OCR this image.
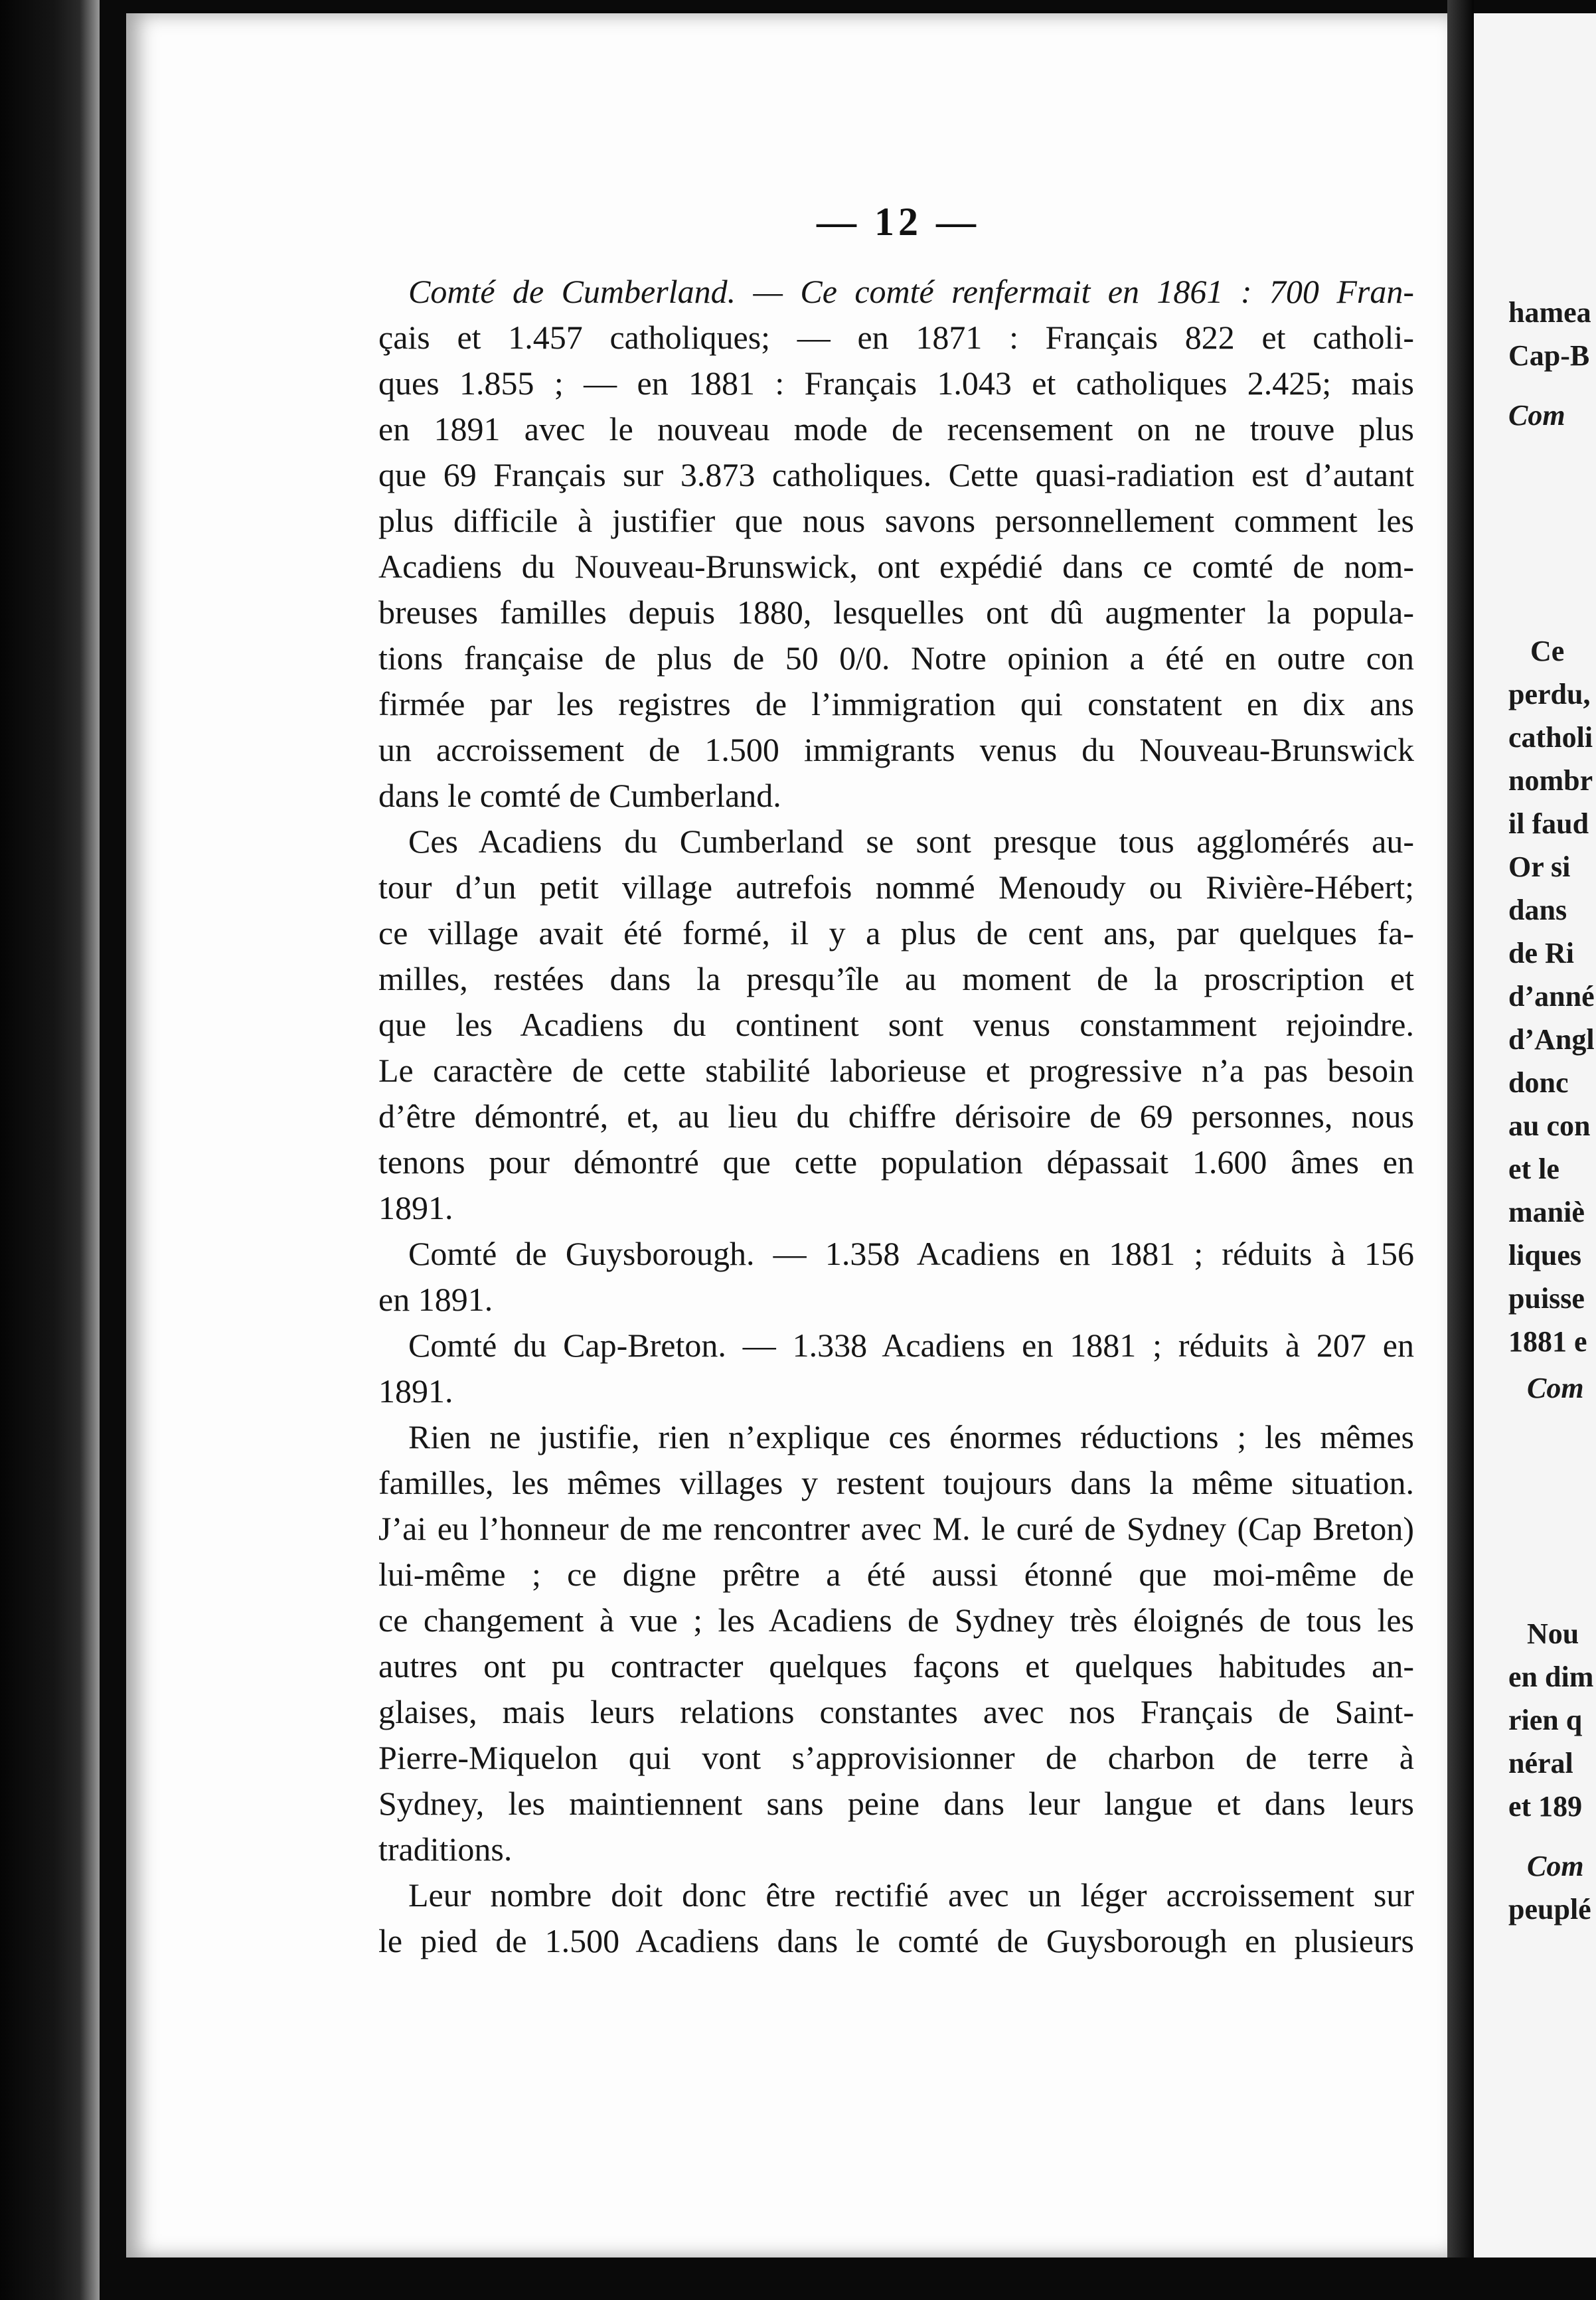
— 12 —

Comté de Cumberland. — Ce comté renfermait en 1861 : 700 Fran-
çais et 1.457 catholiques; — en 1871 : Français 822 et catholi-
ques 1.855 ; — en 1881 : Français 1.043 et catholiques 2.425; mais
en 1891 avec le nouveau mode de recensement on ne trouve plus
que 69 Français sur 3.873 catholiques. Cette quasi-radiation est d’autant
plus difficile à justifier que nous savons personnellement comment les
Acadiens du Nouveau-Brunswick, ont expédié dans ce comté de nom-
breuses familles depuis 1880, lesquelles ont dû augmenter la popula-
tions française de plus de 50 0/0. Notre opinion a été en outre con
firmée par les registres de l’immigration qui constatent en dix ans
un accroissement de 1.500 immigrants venus du Nouveau-Brunswick
dans le comté de Cumberland.

Ces Acadiens du Cumberland se sont presque tous agglomérés au-
tour d’un petit village autrefois nommé Menoudy ou Rivière-Hébert;
ce village avait été formé, il y a plus de cent ans, par quelques fa-
milles, restées dans la presqu’île au moment de la proscription et
que les Acadiens du continent sont venus constamment rejoindre.
Le caractère de cette stabilité laborieuse et progressive n’a pas besoin
d’être démontré, et, au lieu du chiffre dérisoire de 69 personnes, nous
tenons pour démontré que cette population dépassait 1.600 âmes en
1891.

Comté de Guysborough. — 1.358 Acadiens en 1881 ; réduits à 156
en 1891.

Comté du Cap-Breton. — 1.338 Acadiens en 1881 ; réduits à 207 en
1891.

Rien ne justifie, rien n’explique ces énormes réductions ; les mêmes
familles, les mêmes villages y restent toujours dans la même situation.
J’ai eu l’honneur de me rencontrer avec M. le curé de Sydney (Cap Breton)
lui-même ; ce digne prêtre a été aussi étonné que moi-même de
ce changement à vue ; les Acadiens de Sydney très éloignés de tous les
autres ont pu contracter quelques façons et quelques habitudes an-
glaises, mais leurs relations constantes avec nos Français de Saint-
Pierre-Miquelon qui vont s’approvisionner de charbon de terre à
Sydney, les maintiennent sans peine dans leur langue et dans leurs
traditions.

Leur nombre doit donc être rectifié avec un léger accroissement sur
le pied de 1.500 Acadiens dans le comté de Guysborough en plusieurs

hamea
Cap-B
Com
Ce
perdu,
catholi
nombr
il faud
Or si
dans
de Ri
d’anné
d’Angl
donc
au con
et le
maniè
liques
puisse
1881 e
Com
Nou
en dim
rien q
néral
et 189
Com
peuplé
